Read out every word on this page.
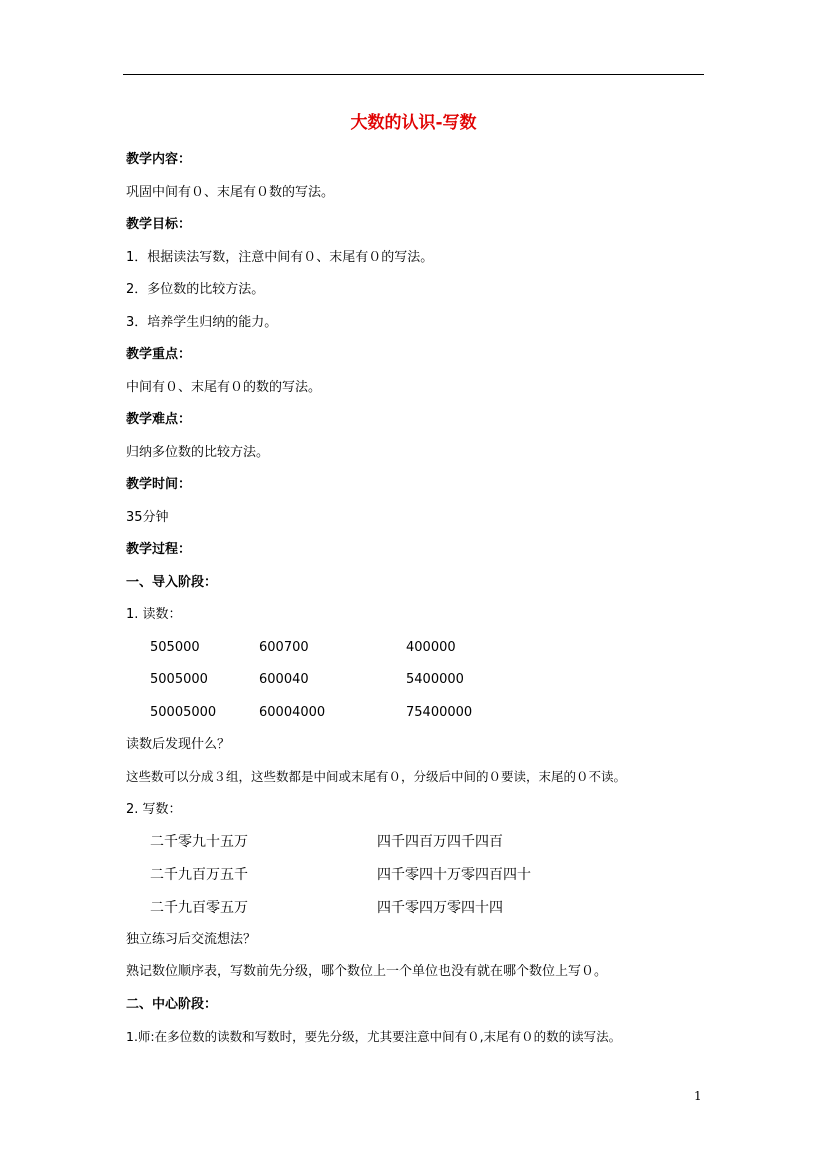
大数的认识-写数
教学内容：
巩固中间有０、末尾有０数的写法。
教学目标：
1．根据读法写数，注意中间有０、末尾有０的写法。
2．多位数的比较方法。
3．培养学生归纳的能力。
教学重点：
中间有０、末尾有０的数的写法。
教学难点：
归纳多位数的比较方法。
教学时间：
35分钟
教学过程：
一、导入阶段：
1. 读数：
505000	600700	400000
5005000	600040	5400000
50005000	60004000	75400000
读数后发现什么？
这些数可以分成３组，这些数都是中间或末尾有０，分级后中间的０要读，末尾的０不读。
2. 写数：
二千零九十五万	四千四百万四千四百
二千九百万五千	四千零四十万零四百四十
二千九百零五万	四千零四万零四十四
独立练习后交流想法？
熟记数位顺序表，写数前先分级，哪个数位上一个单位也没有就在哪个数位上写０。
二、中心阶段：
1.师:在多位数的读数和写数时，要先分级，尤其要注意中间有０,末尾有０的数的读写法。
1
